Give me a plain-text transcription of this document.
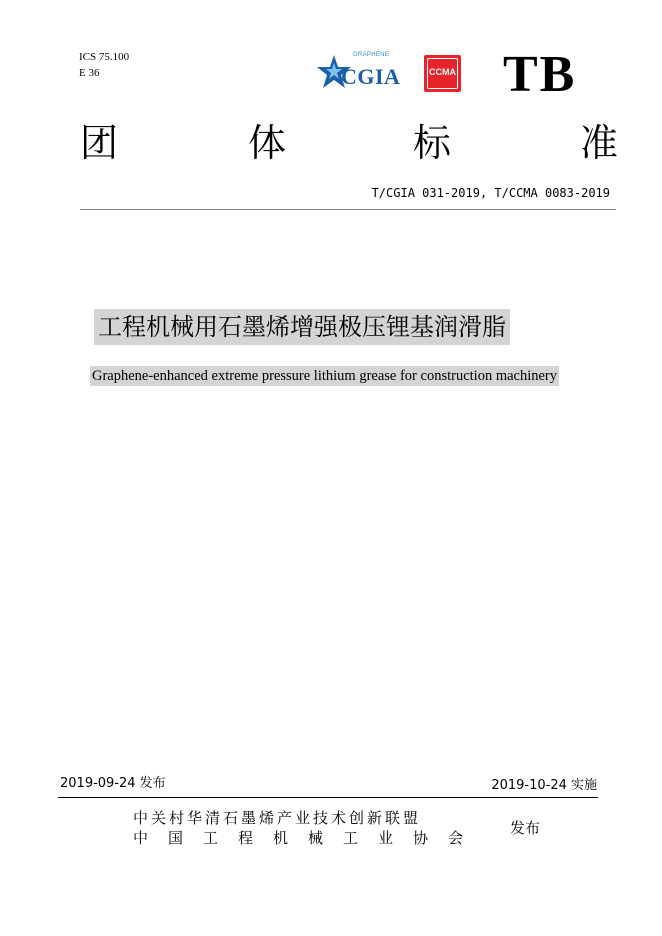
ICS 75.100
E 36
GRAPHENE
CGIA	CCMA TB
团	体	标	准
T/CGIA 031-2019, T/CCMA 0083-2019
工程机械用石墨烯增强极压锂基润滑脂
Graphene-enhanced extreme pressure lithium grease for construction machinery
2019-09-24 发布	2019-10-24 实施
中关村华清石墨烯产业技术创新联盟
中国工程机械工业协会
发布
